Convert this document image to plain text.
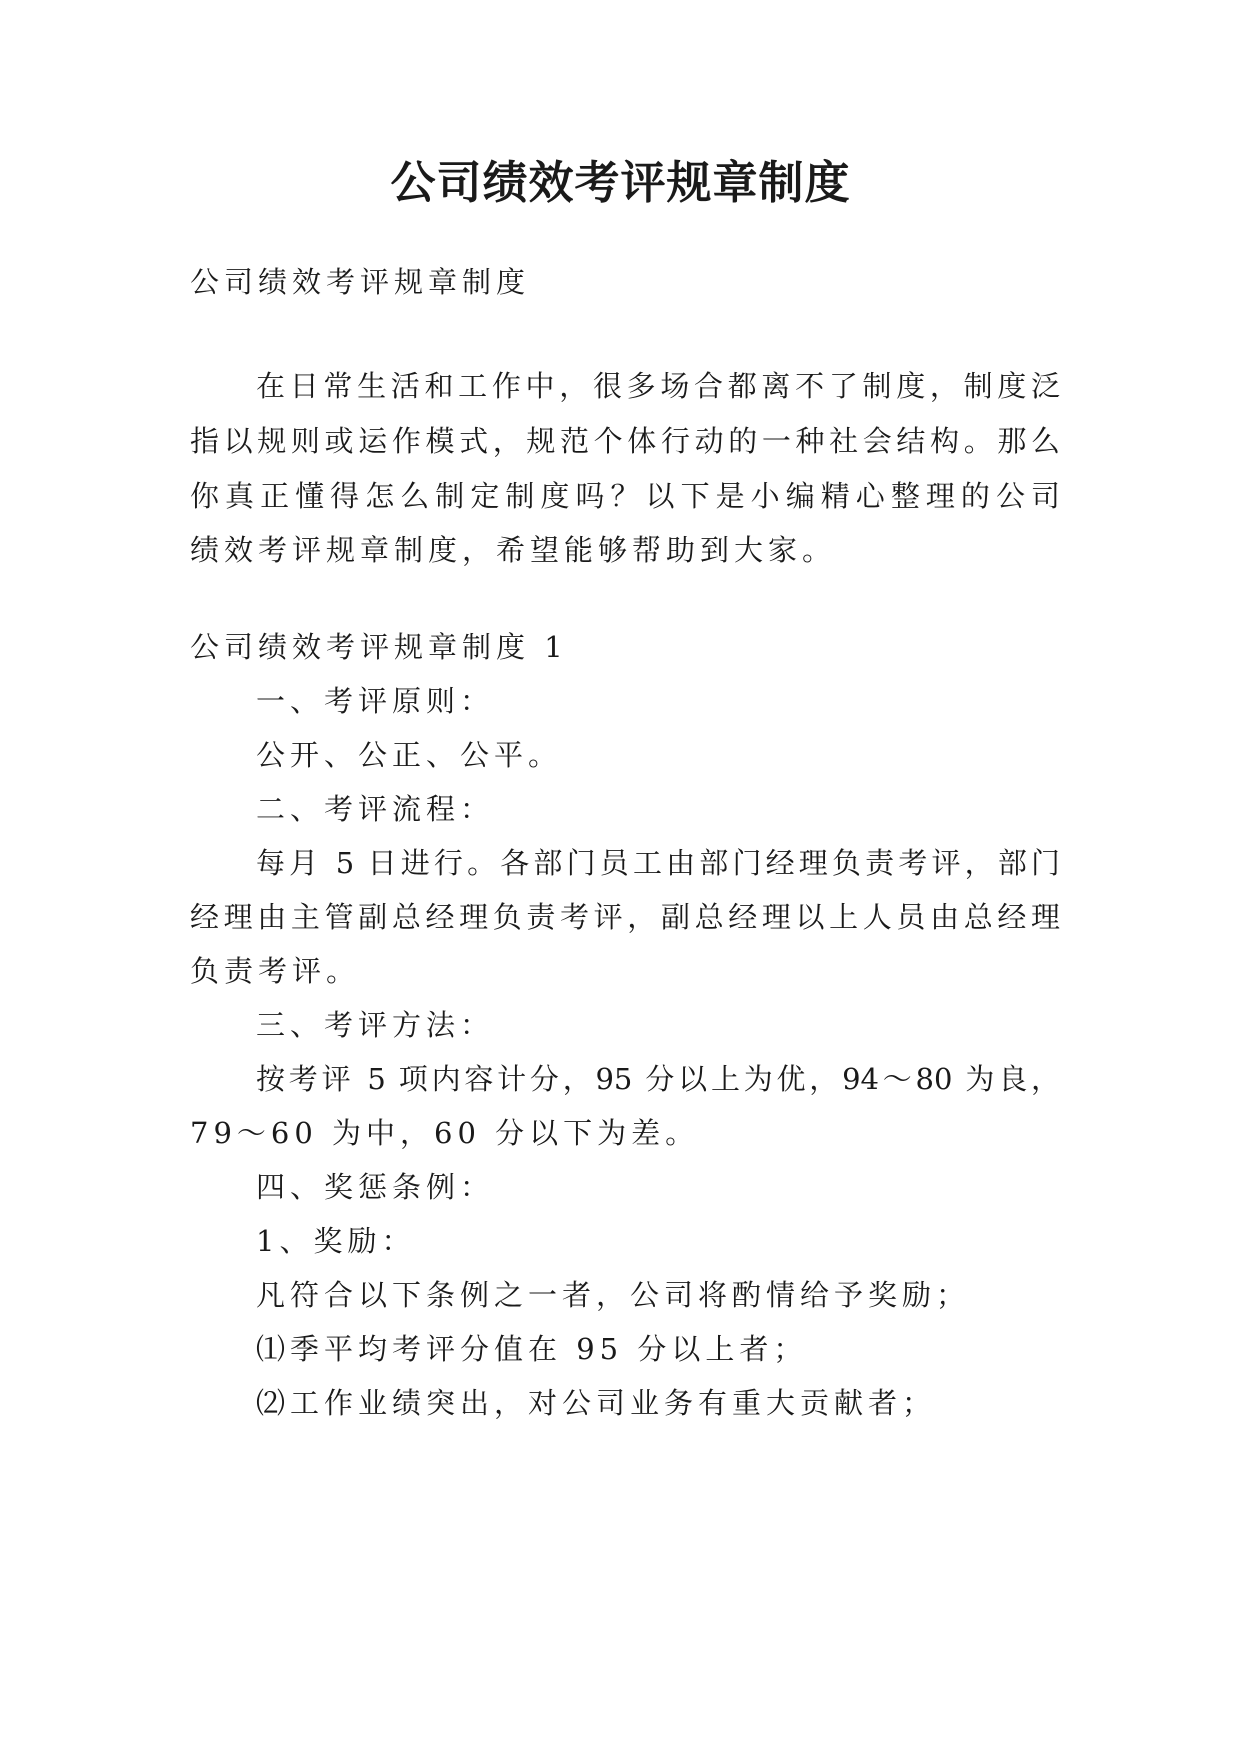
公司绩效考评规章制度
公司绩效考评规章制度
在日常生活和工作中，很多场合都离不了制度，制度泛
指以规则或运作模式，规范个体行动的一种社会结构。那么
你真正懂得怎么制定制度吗？以下是小编精心整理的公司
绩效考评规章制度，希望能够帮助到大家。
公司绩效考评规章制度 1
一、考评原则：
公开、公正、公平。
二、考评流程：
每月 5 日进行。各部门员工由部门经理负责考评，部门
经理由主管副总经理负责考评，副总经理以上人员由总经理
负责考评。
三、考评方法：
按考评 5 项内容计分，95 分以上为优，94～80 为良，
79～60 为中，60 分以下为差。
四、奖惩条例：
1、奖励：
凡符合以下条例之一者，公司将酌情给予奖励；
⑴季平均考评分值在 95 分以上者；
⑵工作业绩突出，对公司业务有重大贡献者；
